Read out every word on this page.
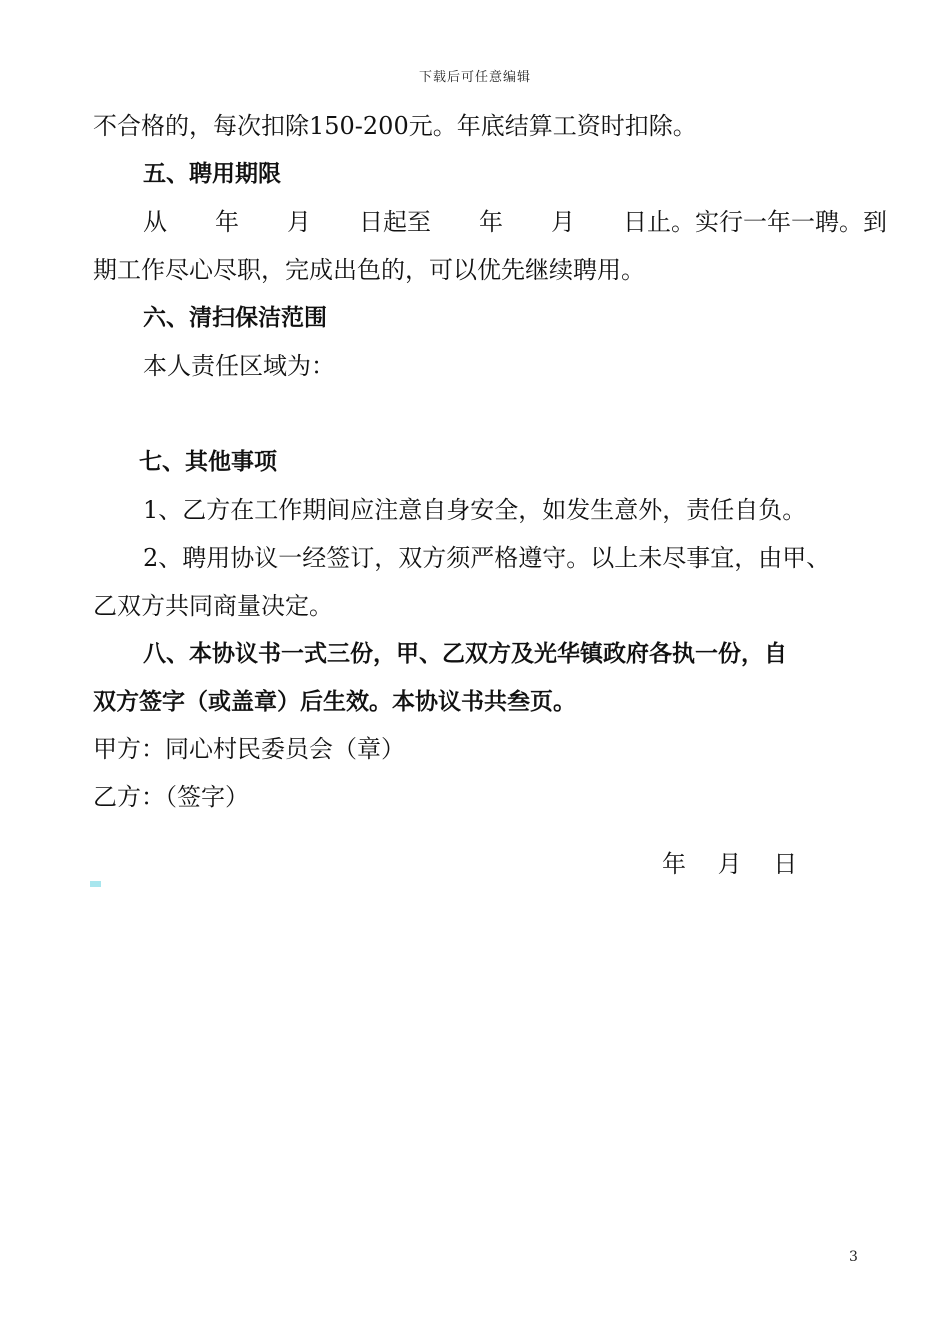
下载后可任意编辑
不合格的，每次扣除150-200元。年底结算工资时扣除。
五、聘用期限
从　　年　　月　　日起至　　年　　月　　日止。实行一年一聘。到
期工作尽心尽职，完成出色的，可以优先继续聘用。
六、清扫保洁范围
本人责任区域为：
七、其他事项
1、乙方在工作期间应注意自身安全，如发生意外，责任自负。
2、聘用协议一经签订，双方须严格遵守。以上未尽事宜，由甲、
乙双方共同商量决定。
八、本协议书一式三份，甲、乙双方及光华镇政府各执一份，自
双方签字（或盖章）后生效。本协议书共叁页。
甲方：同心村民委员会（章）
乙方：（签字）
年　 月　 日
3
